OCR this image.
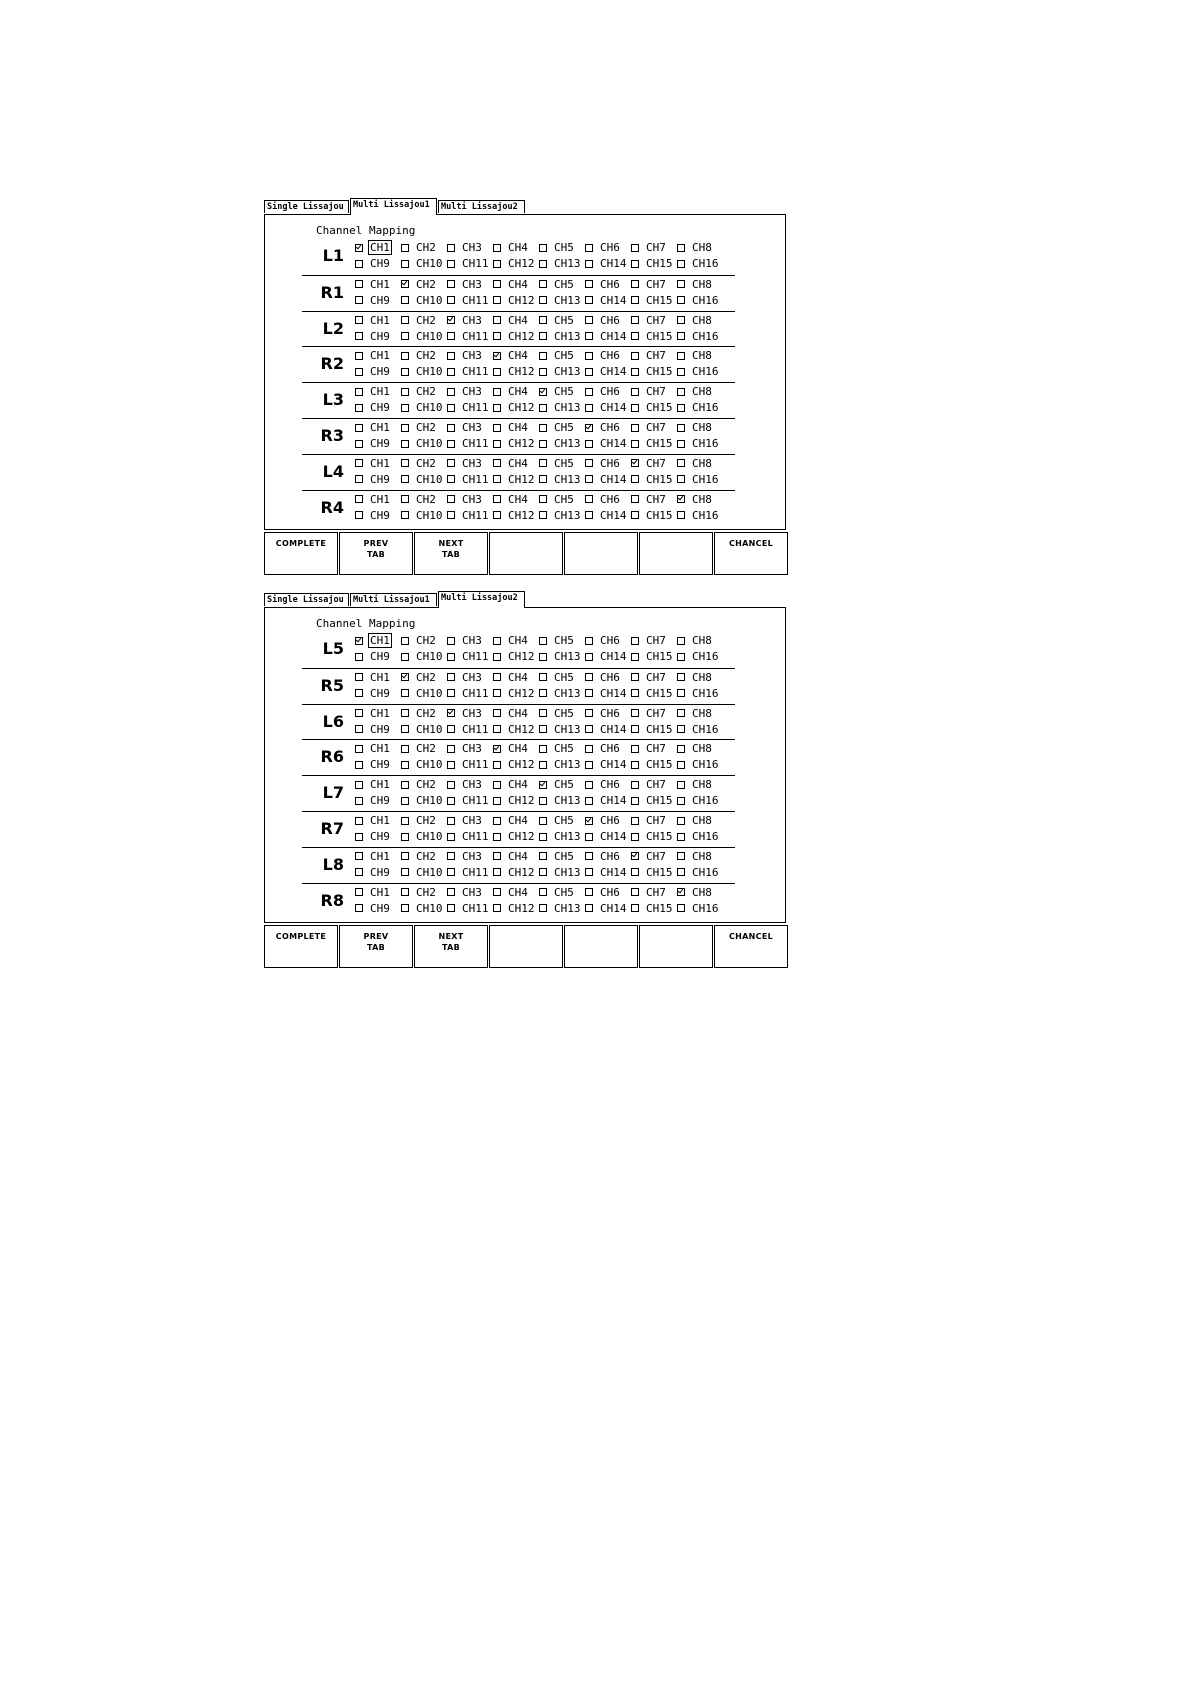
Single Lissajou	Multi Lissajou1	Multi Lissajou2
Channel Mapping
L1 CH1 CH2 CH3 CH4 CH5 CH6 CH7 CH8
CH9 CH10 CH11 CH12 CH13 CH14 CH15 CH16
R1 CH1 CH2 CH3 CH4 CH5 CH6 CH7 CH8
CH9 CH10 CH11 CH12 CH13 CH14 CH15 CH16
L2 CH1 CH2 CH3 CH4 CH5 CH6 CH7 CH8
CH9 CH10 CH11 CH12 CH13 CH14 CH15 CH16
R2 CH1 CH2 CH3 CH4 CH5 CH6 CH7 CH8
CH9 CH10 CH11 CH12 CH13 CH14 CH15 CH16
L3 CH1 CH2 CH3 CH4 CH5 CH6 CH7 CH8
CH9 CH10 CH11 CH12 CH13 CH14 CH15 CH16
R3 CH1 CH2 CH3 CH4 CH5 CH6 CH7 CH8
CH9 CH10 CH11 CH12 CH13 CH14 CH15 CH16
L4 CH1 CH2 CH3 CH4 CH5 CH6 CH7 CH8
CH9 CH10 CH11 CH12 CH13 CH14 CH15 CH16
R4 CH1 CH2 CH3 CH4 CH5 CH6 CH7 CH8
CH9 CH10 CH11 CH12 CH13 CH14 CH15 CH16
COMPLETE	PREV
TAB
NEXT
TAB
CHANCEL
Single Lissajou	Multi Lissajou1	Multi Lissajou2
Channel Mapping
L5 CH1 CH2 CH3 CH4 CH5 CH6 CH7 CH8
CH9 CH10 CH11 CH12 CH13 CH14 CH15 CH16
R5 CH1 CH2 CH3 CH4 CH5 CH6 CH7 CH8
CH9 CH10 CH11 CH12 CH13 CH14 CH15 CH16
L6 CH1 CH2 CH3 CH4 CH5 CH6 CH7 CH8
CH9 CH10 CH11 CH12 CH13 CH14 CH15 CH16
R6 CH1 CH2 CH3 CH4 CH5 CH6 CH7 CH8
CH9 CH10 CH11 CH12 CH13 CH14 CH15 CH16
L7 CH1 CH2 CH3 CH4 CH5 CH6 CH7 CH8
CH9 CH10 CH11 CH12 CH13 CH14 CH15 CH16
R7 CH1 CH2 CH3 CH4 CH5 CH6 CH7 CH8
CH9 CH10 CH11 CH12 CH13 CH14 CH15 CH16
L8 CH1 CH2 CH3 CH4 CH5 CH6 CH7 CH8
CH9 CH10 CH11 CH12 CH13 CH14 CH15 CH16
R8 CH1 CH2 CH3 CH4 CH5 CH6 CH7 CH8
CH9 CH10 CH11 CH12 CH13 CH14 CH15 CH16
COMPLETE	PREV
TAB
NEXT
TAB
CHANCEL
